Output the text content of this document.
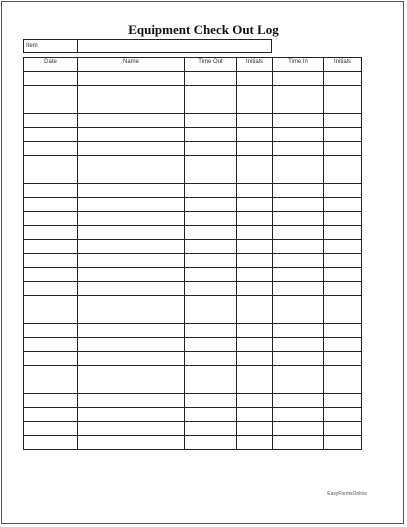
Equipment Check Out Log
Item
Date	Name	Time Out	Initials	Time In	Initials

EasyFormsOnline
